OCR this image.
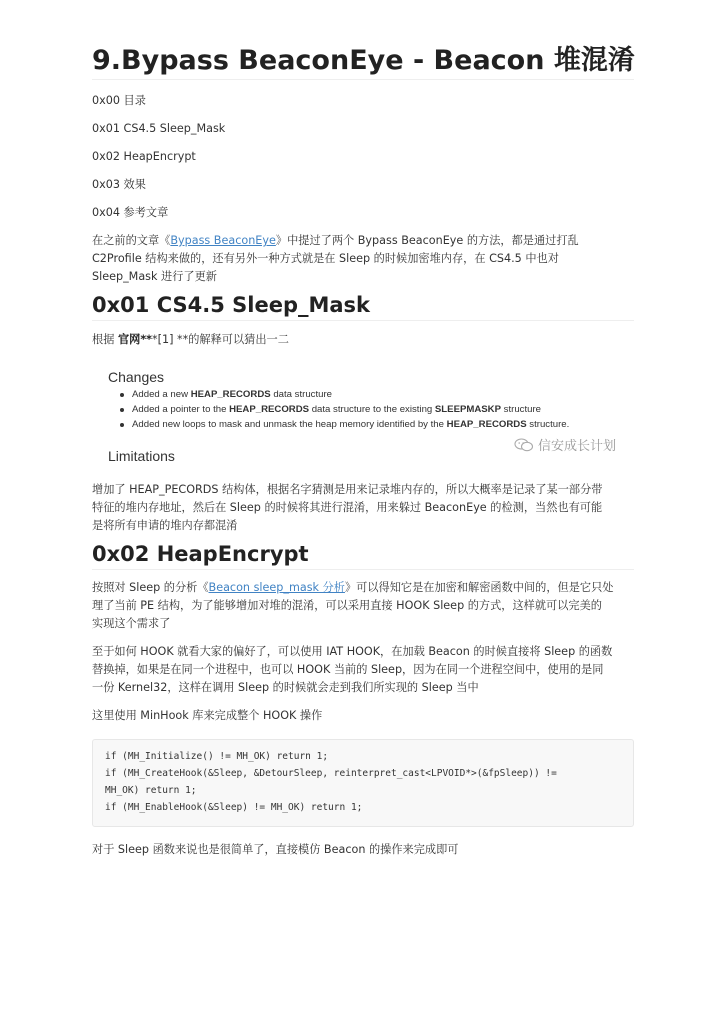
9.Bypass BeaconEye - Beacon 堆混淆

0x00 目录

0x01 CS4.5 Sleep_Mask

0x02 HeapEncrypt

0x03 效果

0x04 参考文章

在之前的文章《Bypass BeaconEye》中提过了两个 Bypass BeaconEye 的方法，都是通过打乱

C2Profile 结构来做的，还有另外一种方式就是在 Sleep 的时候加密堆内存，在 CS4.5 中也对

Sleep_Mask 进行了更新

0x01 CS4.5 Sleep_Mask

根据 官网***[1] **的解释可以猜出一二

Changes
Added a new HEAP_RECORDS data structure
Added a pointer to the HEAP_RECORDS data structure to the existing SLEEPMASKP structure
Added new loops to mask and unmask the heap memory identified by the HEAP_RECORDS structure.
Limitations
信安成长计划

增加了 HEAP_PECORDS 结构体，根据名字猜测是用来记录堆内存的，所以大概率是记录了某一部分带

特征的堆内存地址，然后在 Sleep 的时候将其进行混淆，用来躲过 BeaconEye 的检测，当然也有可能

是将所有申请的堆内存都混淆

0x02 HeapEncrypt

按照对 Sleep 的分析《Beacon sleep_mask 分析》可以得知它是在加密和解密函数中间的，但是它只处

理了当前 PE 结构，为了能够增加对堆的混淆，可以采用直接 HOOK Sleep 的方式，这样就可以完美的

实现这个需求了

至于如何 HOOK 就看大家的偏好了，可以使用 IAT HOOK，在加载 Beacon 的时候直接将 Sleep 的函数

替换掉，如果是在同一个进程中，也可以 HOOK 当前的 Sleep，因为在同一个进程空间中，使用的是同

一份 Kernel32，这样在调用 Sleep 的时候就会走到我们所实现的 Sleep 当中

这里使用 MinHook 库来完成整个 HOOK 操作

if (MH_Initialize() != MH_OK) return 1;
if (MH_CreateHook(&Sleep, &DetourSleep, reinterpret_cast<LPVOID*>(&fpSleep)) !=
MH_OK) return 1;
if (MH_EnableHook(&Sleep) != MH_OK) return 1;

对于 Sleep 函数来说也是很简单了，直接模仿 Beacon 的操作来完成即可
